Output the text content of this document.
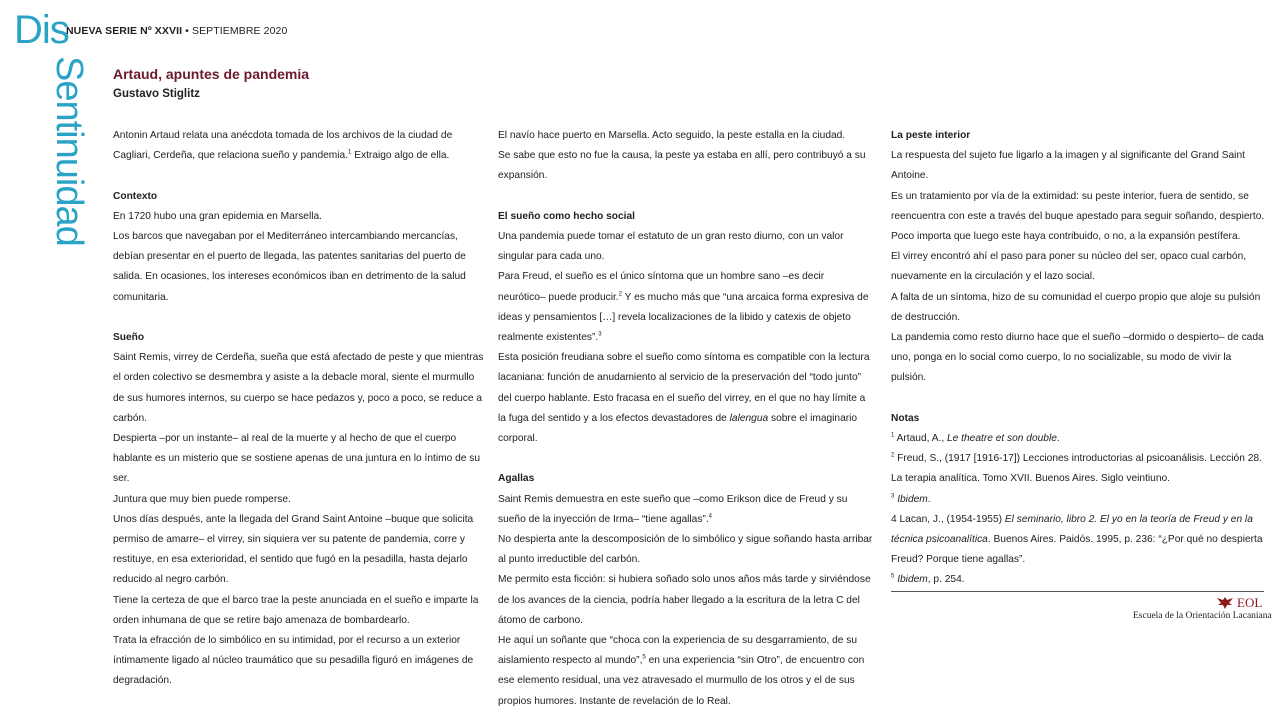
Dis
Sentinuidad
NUEVA SERIE Nº XXVII • SEPTIEMBRE 2020
Artaud, apuntes de pandemia
Gustavo Stiglitz

Antonin Artaud relata una anécdota tomada de los archivos de la ciudad de Cagliari, Cerdeña, que relaciona sueño y pandemia.$^1$ Extraigo algo de ella.

Contexto

En 1720 hubo una gran epidemia en Marsella.

Los barcos que navegaban por el Mediterráneo intercambiando mercancías, debían presentar en el puerto de llegada, las patentes sanitarias del puerto de salida. En ocasiones, los intereses económicos iban en detrimento de la salud comunitaria.

Sueño

Saint Remis, virrey de Cerdeña, sueña que está afectado de peste y que mientras el orden colectivo se desmembra y asiste a la debacle moral, siente el murmullo de sus humores internos, su cuerpo se hace pedazos y, poco a poco, se reduce a carbón.

Despierta –por un instante– al real de la muerte y al hecho de que el cuerpo hablante es un misterio que se sostiene apenas de una juntura en lo íntimo de su ser.

Juntura que muy bien puede romperse.

Unos días después, ante la llegada del Grand Saint Antoine –buque que solicita permiso de amarre– el virrey, sin siquiera ver su patente de pandemia, corre y restituye, en esa exterioridad, el sentido que fugó en la pesadilla, hasta dejarlo reducido al negro carbón.

Tiene la certeza de que el barco trae la peste anunciada en el sueño e imparte la orden inhumana de que se retire bajo amenaza de bombardearlo.

Trata la efracción de lo simbólico en su intimidad, por el recurso a un exterior íntimamente ligado al núcleo traumático que su pesadilla figuró en imágenes de degradación.

El navío hace puerto en Marsella. Acto seguido, la peste estalla en la ciudad.

Se sabe que esto no fue la causa, la peste ya estaba en allí, pero contribuyó a su expansión.

El sueño como hecho social

Una pandemia puede tomar el estatuto de un gran resto diurno, con un valor singular para cada uno.

Para Freud, el sueño es el único síntoma que un hombre sano –es decir neurótico– puede producir.$^2$ Y es mucho más que “una arcaica forma expresiva de ideas y pensamientos […] revela localizaciones de la libido y catexis de objeto realmente existentes”.$^3$

Esta posición freudiana sobre el sueño como síntoma es compatible con la lectura lacaniana: función de anudamiento al servicio de la preservación del “todo junto” del cuerpo hablante. Esto fracasa en el sueño del virrey, en el que no hay límite a la fuga del sentido y a los efectos devastadores de lalengua sobre el imaginario corporal.

Agallas

Saint Remis demuestra en este sueño que –como Erikson dice de Freud y su sueño de la inyección de Irma– “tiene agallas”.$^4$

No despierta ante la descomposición de lo simbólico y sigue soñando hasta arribar al punto irreductible del carbón.

Me permito esta ficción: si hubiera soñado solo unos años más tarde y sirviéndose de los avances de la ciencia, podría haber llegado a la escritura de la letra C del átomo de carbono.

He aquí un soñante que “choca con la experiencia de su desgarramiento, de su aislamiento respecto al mundo”,$^5$ en una experiencia “sin Otro”, de encuentro con ese elemento residual, una vez atravesado el murmullo de los otros y el de sus propios humores. Instante de revelación de lo Real.

La peste interior

La respuesta del sujeto fue ligarlo a la imagen y al significante del Grand Saint Antoine.

Es un tratamiento por vía de la extimidad: su peste interior, fuera de sentido, se reencuentra con este a través del buque apestado para seguir soñando, despierto.

Poco importa que luego este haya contribuido, o no, a la expansión pestífera.

El virrey encontró ahí el paso para poner su núcleo del ser, opaco cual carbón, nuevamente en la circulación y el lazo social.

A falta de un síntoma, hizo de su comunidad el cuerpo propio que aloje su pulsión de destrucción.

La pandemia como resto diurno hace que el sueño –dormido o despierto– de cada uno, ponga en lo social como cuerpo, lo no socializable, su modo de vivir la pulsión.

Notas

$^1$ Artaud, A., Le theatre et son double.

$^2$ Freud, S., (1917 [1916-17]) Lecciones introductorias al psicoanálisis. Lección 28. La terapia analítica. Tomo XVII. Buenos Aires. Siglo veintiuno.

$^3$ Ibidem.

4 Lacan, J., (1954-1955) El seminario, libro 2. El yo en la teoría de Freud y en la técnica psicoanalítica. Buenos Aires. Paidós. 1995, p. 236: “¿Por qué no despierta Freud? Porque tiene agallas”.

$^5$ Ibidem, p. 254.

EOL
Escuela de la Orientación Lacaniana
